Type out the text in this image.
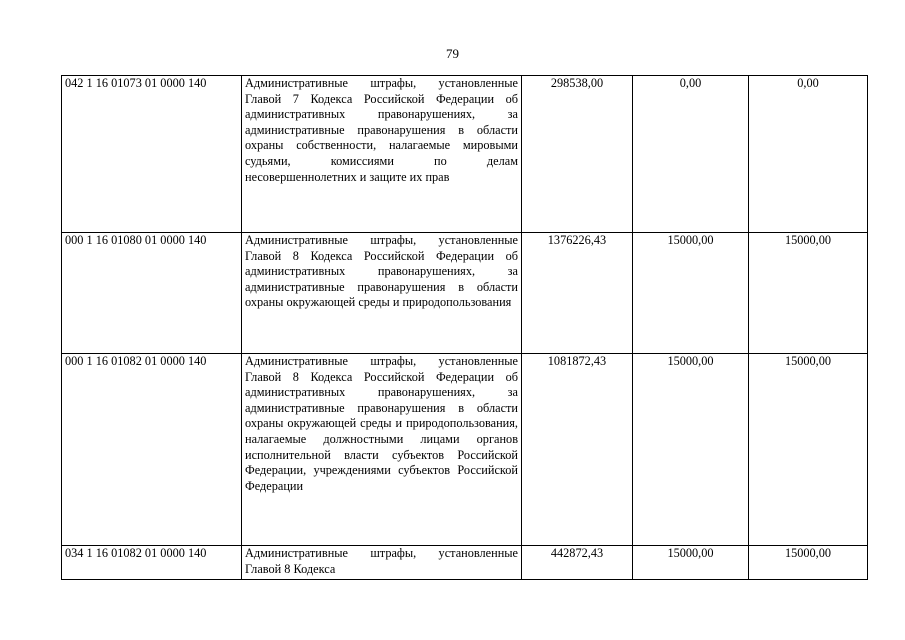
79
042 1 16 01073 01 0000 140	Административные штрафы, установленные Главой 7 Кодекса Российской Федерации об административных правонарушениях, за административные правонарушения в области охраны собственности, налагаемые мировыми судьями, комиссиями по делам несовершеннолетних и защите их прав	298538,00	0,00	0,00
000 1 16 01080 01 0000 140	Административные штрафы, установленные Главой 8 Кодекса Российской Федерации об административных правонарушениях, за административные правонарушения в области охраны окружающей среды и природопользования	1376226,43	15000,00	15000,00
000 1 16 01082 01 0000 140	Административные штрафы, установленные Главой 8 Кодекса Российской Федерации об административных правонарушениях, за административные правонарушения в области охраны окружающей среды и природопользования, налагаемые должностными лицами органов исполнительной власти субъектов Российской Федерации, учреждениями субъектов Российской Федерации	1081872,43	15000,00	15000,00
034 1 16 01082 01 0000 140	Административные штрафы, установленные Главой 8 Кодекса	442872,43	15000,00	15000,00
